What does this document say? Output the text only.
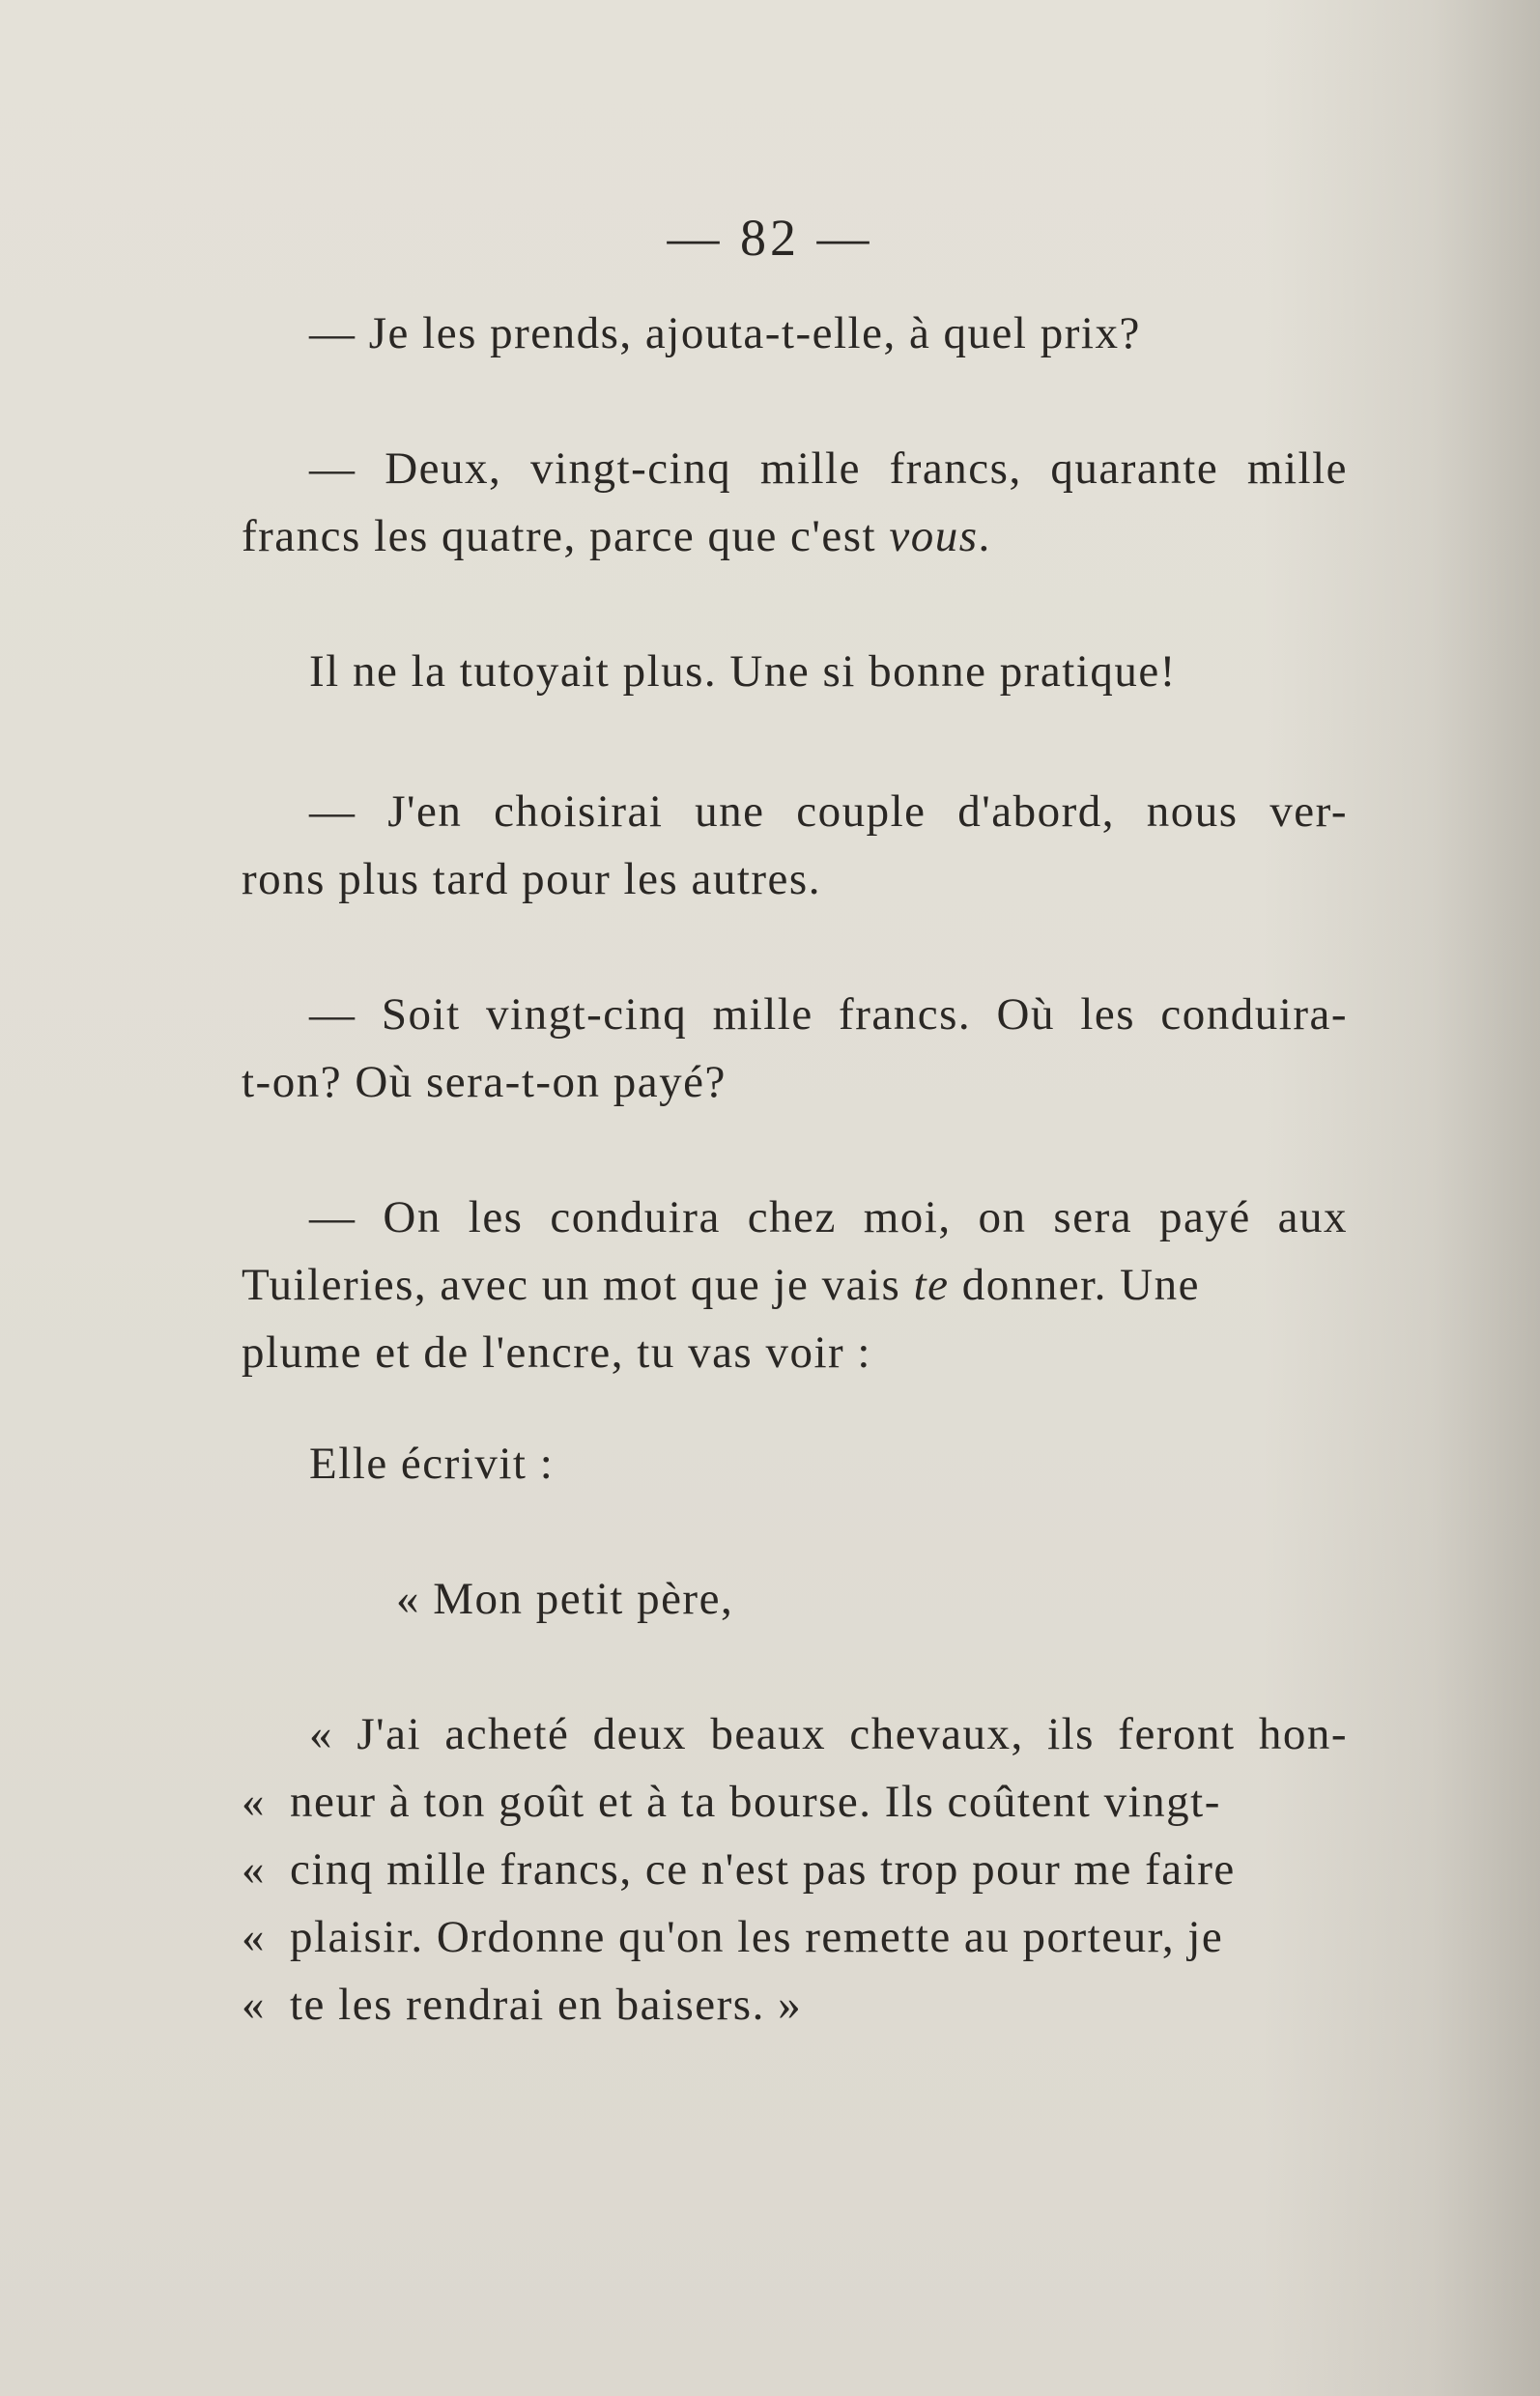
— 82 —
— Je les prends, ajouta-t-elle, à quel prix?
— Deux, vingt-cinq mille francs, quarante mille
francs les quatre, parce que c'est vous.
Il ne la tutoyait plus. Une si bonne pratique!
— J'en choisirai une couple d'abord, nous ver-
rons plus tard pour les autres.
— Soit vingt-cinq mille francs. Où les conduira-
t-on? Où sera-t-on payé?
— On les conduira chez moi, on sera payé aux
Tuileries, avec un mot que je vais te donner. Une
plume et de l'encre, tu vas voir :
Elle écrivit :
« Mon petit père,
« J'ai acheté deux beaux chevaux, ils feront hon-
« neur à ton goût et à ta bourse. Ils coûtent vingt-
« cinq mille francs, ce n'est pas trop pour me faire
« plaisir. Ordonne qu'on les remette au porteur, je
« te les rendrai en baisers. »
